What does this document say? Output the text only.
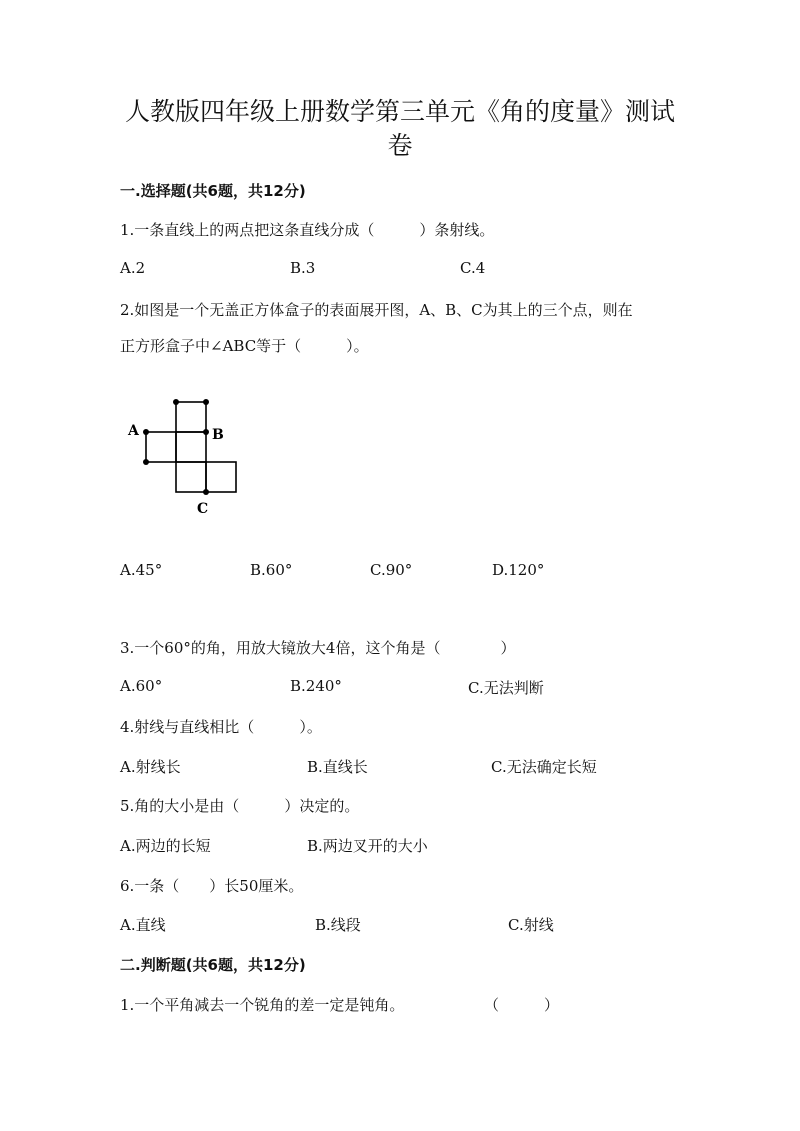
人教版四年级上册数学第三单元《角的度量》测试
卷
一.选择题(共6题，共12分)
1.一条直线上的两点把这条直线分成（　　　）条射线。
A.2	B.3	C.4
2.如图是一个无盖正方体盒子的表面展开图，A、B、C为其上的三个点，则在
正方形盒子中∠ABC等于（　　　）。
A	B
C
A.45°	B.60°	C.90°	D.120°
3.一个60°的角，用放大镜放大4倍，这个角是（　　　　）
A.60°	B.240°	C.无法判断
4.射线与直线相比（　　　）。
A.射线长	B.直线长	C.无法确定长短
5.角的大小是由（　　　）决定的。
A.两边的长短	B.两边叉开的大小
6.一条（　　）长50厘米。
A.直线	B.线段	C.射线
二.判断题(共6题，共12分)
1.一个平角减去一个锐角的差一定是钝角。	（　　　）
